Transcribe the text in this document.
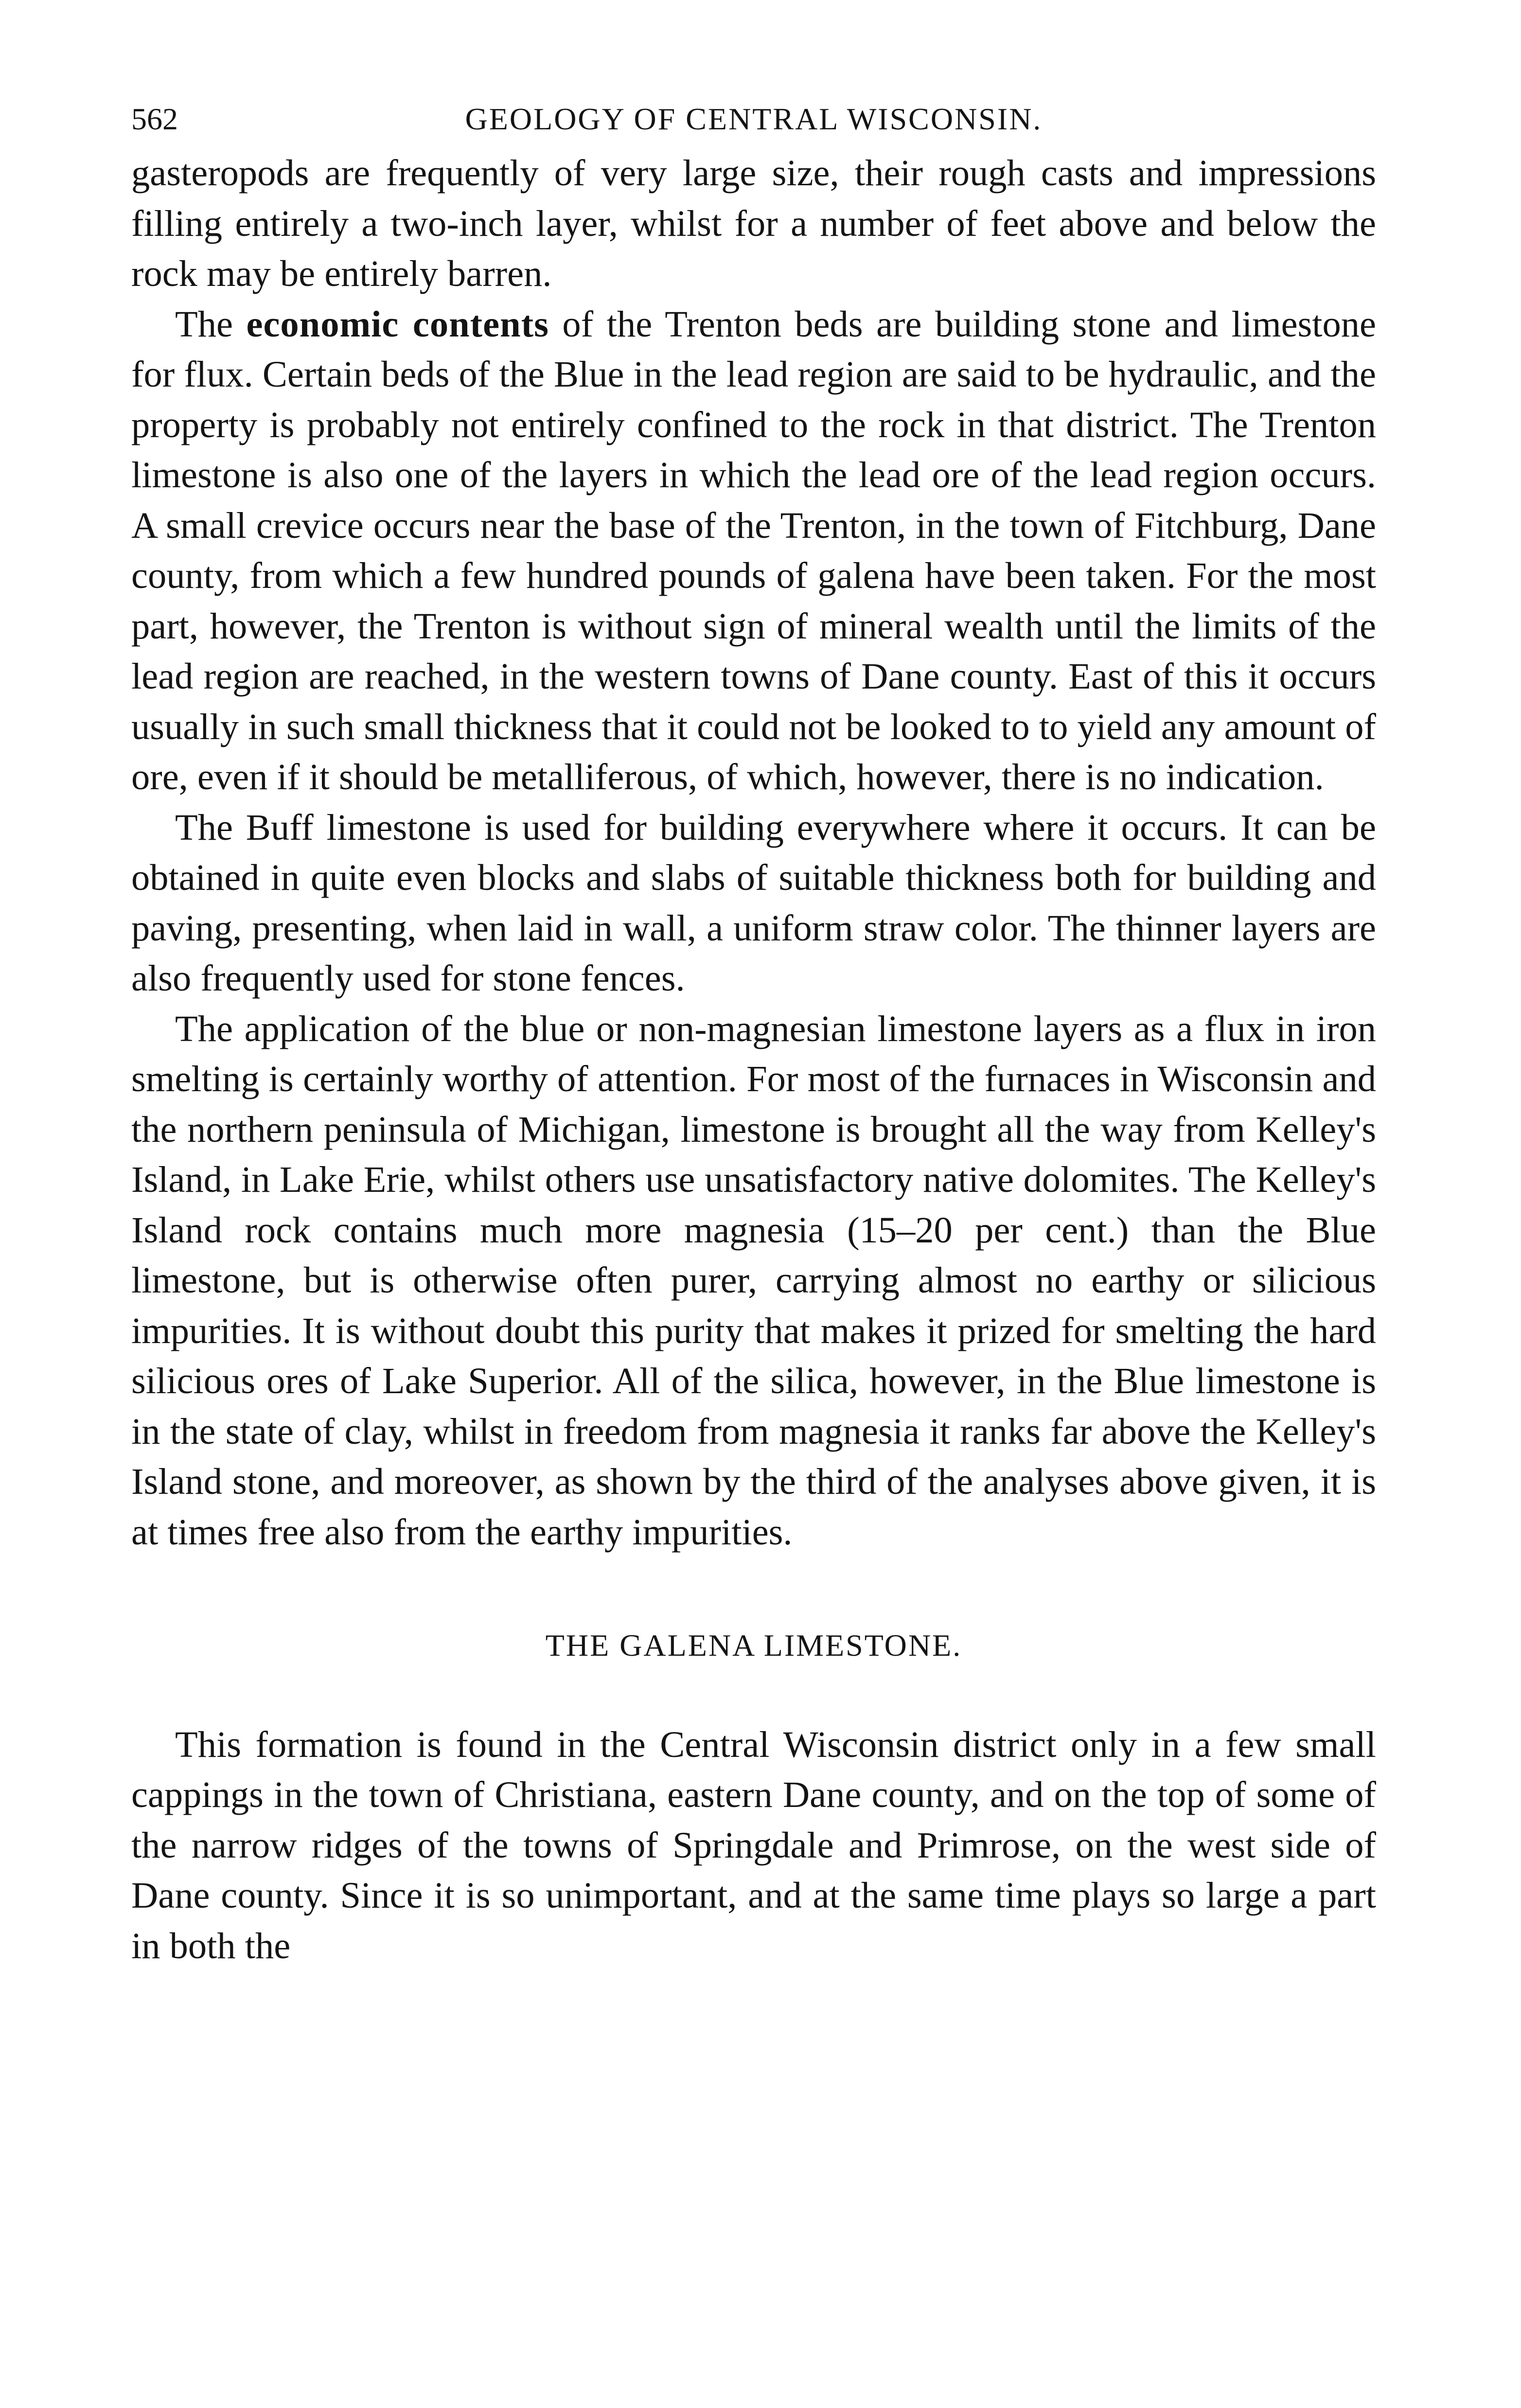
562	GEOLOGY OF CENTRAL WISCONSIN.

gasteropods are frequently of very large size, their rough casts and impressions filling entirely a two-inch layer, whilst for a number of feet above and below the rock may be entirely barren.

The economic contents of the Trenton beds are building stone and limestone for flux. Certain beds of the Blue in the lead region are said to be hydraulic, and the property is probably not entirely confined to the rock in that district. The Trenton limestone is also one of the layers in which the lead ore of the lead region occurs. A small crevice occurs near the base of the Trenton, in the town of Fitchburg, Dane county, from which a few hundred pounds of galena have been taken. For the most part, however, the Trenton is without sign of mineral wealth until the limits of the lead region are reached, in the western towns of Dane county. East of this it occurs usually in such small thickness that it could not be looked to to yield any amount of ore, even if it should be metalliferous, of which, however, there is no indication.

The Buff limestone is used for building everywhere where it occurs. It can be obtained in quite even blocks and slabs of suitable thickness both for building and paving, presenting, when laid in wall, a uniform straw color. The thinner layers are also frequently used for stone fences.

The application of the blue or non-magnesian limestone layers as a flux in iron smelting is certainly worthy of attention. For most of the furnaces in Wisconsin and the northern peninsula of Michigan, limestone is brought all the way from Kelley's Island, in Lake Erie, whilst others use unsatisfactory native dolomites. The Kelley's Island rock contains much more magnesia (15–20 per cent.) than the Blue limestone, but is otherwise often purer, carrying almost no earthy or silicious impurities. It is without doubt this purity that makes it prized for smelting the hard silicious ores of Lake Superior. All of the silica, however, in the Blue limestone is in the state of clay, whilst in freedom from magnesia it ranks far above the Kelley's Island stone, and moreover, as shown by the third of the analyses above given, it is at times free also from the earthy impurities.

THE GALENA LIMESTONE.

This formation is found in the Central Wisconsin district only in a few small cappings in the town of Christiana, eastern Dane county, and on the top of some of the narrow ridges of the towns of Springdale and Primrose, on the west side of Dane county. Since it is so unimportant, and at the same time plays so large a part in both the
